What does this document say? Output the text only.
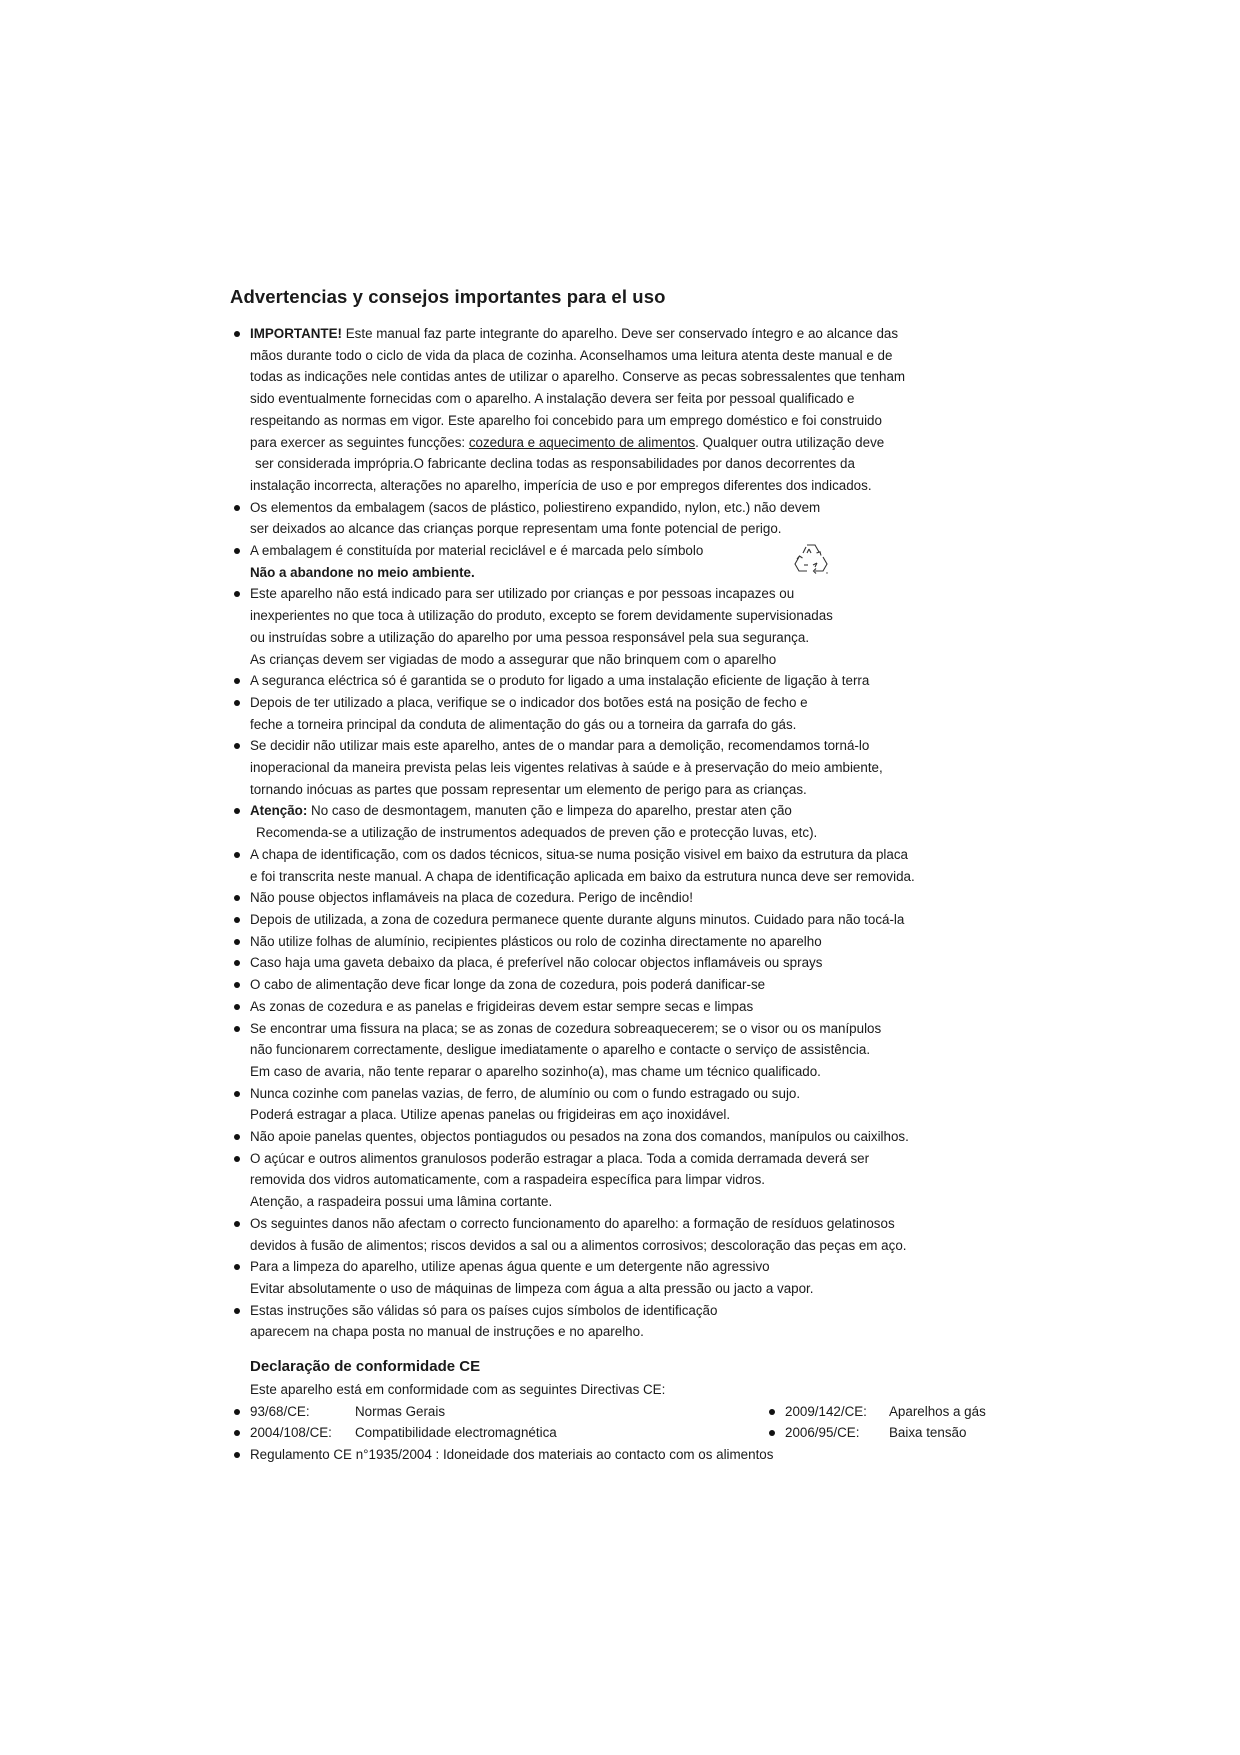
Advertencias y consejos importantes para el uso
IMPORTANTE! Este manual faz parte integrante do aparelho. Deve ser conservado íntegro e ao alcance das
mãos durante todo o ciclo de vida da placa de cozinha. Aconselhamos uma leitura atenta deste manual e de
todas as indicações nele contidas antes de utilizar o aparelho. Conserve as pecas sobressalentes que tenham
sido eventualmente fornecidas com o aparelho. A instalação devera ser feita por pessoal qualificado e
respeitando as normas em vigor. Este aparelho foi concebido para um emprego doméstico e foi construido
para exercer as seguintes funcções: cozedura e aquecimento de alimentos. Qualquer outra utilização deve
ser considerada imprópria.O fabricante declina todas as responsabilidades por danos decorrentes da
instalação incorrecta, alterações no aparelho, imperícia de uso e por empregos diferentes dos indicados.
Os elementos da embalagem (sacos de plástico, poliestireno expandido, nylon, etc.) não devem
ser deixados ao alcance das crianças porque representam uma fonte potencial de perigo.
A embalagem é constituída por material reciclável e é marcada pelo símbolo
Não a abandone no meio ambiente.
Este aparelho não está indicado para ser utilizado por crianças e por pessoas incapazes ou
inexperientes no que toca à utilização do produto, excepto se forem devidamente supervisionadas
ou instruídas sobre a utilização do aparelho por uma pessoa responsável pela sua segurança.
As crianças devem ser vigiadas de modo a assegurar que não brinquem com o aparelho
A seguranca eléctrica só é garantida se o produto for ligado a uma instalação eficiente de ligação à terra
Depois de ter utilizado a placa, verifique se o indicador dos botões está na posição de fecho e
feche a torneira principal da conduta de alimentação do gás ou a torneira da garrafa do gás.
Se decidir não utilizar mais este aparelho, antes de o mandar para a demolição, recomendamos torná-lo
inoperacional da maneira prevista pelas leis vigentes relativas à saúde e à preservação do meio ambiente,
tornando inócuas as partes que possam representar um elemento de perigo para as crianças.
Atenção: No caso de desmontagem, manuten ção e limpeza do aparelho, prestar aten ção
Recomenda-se a utilizaç̧ão de instrumentos adequados de preven ção e protecção luvas, etc).
A chapa de identificação, com os dados técnicos, situa-se numa posição visivel em baixo da estrutura da placa
e foi transcrita neste manual. A chapa de identificação aplicada em baixo da estrutura nunca deve ser removida.
Não pouse objectos inflamáveis na placa de cozedura. Perigo de incêndio!
Depois de utilizada, a zona de cozedura permanece quente durante alguns minutos. Cuidado para não tocá-la
Não utilize folhas de alumínio, recipientes plásticos ou rolo de cozinha directamente no aparelho
Caso haja uma gaveta debaixo da placa, é preferível não colocar objectos inflamáveis ou sprays
O cabo de alimentação deve ficar longe da zona de cozedura, pois poderá danificar-se
As zonas de cozedura e as panelas e frigideiras devem estar sempre secas e limpas
Se encontrar uma fissura na placa; se as zonas de cozedura sobreaquecerem; se o visor ou os manípulos
não funcionarem correctamente, desligue imediatamente o aparelho e contacte o serviço de assistência.
Em caso de avaria, não tente reparar o aparelho sozinho(a), mas chame um técnico qualificado.
Nunca cozinhe com panelas vazias, de ferro, de alumínio ou com o fundo estragado ou sujo.
Poderá estragar a placa. Utilize apenas panelas ou frigideiras em aço inoxidável.
Não apoie panelas quentes, objectos pontiagudos ou pesados na zona dos comandos, manípulos ou caixilhos.
O açúcar e outros alimentos granulosos poderão estragar a placa. Toda a comida derramada deverá ser
removida dos vidros automaticamente, com a raspadeira específica para limpar vidros.
Atenção, a raspadeira possui uma lâmina cortante.
Os seguintes danos não afectam o correcto funcionamento do aparelho: a formação de resíduos gelatinosos
devidos à fusão de alimentos; riscos devidos a sal ou a alimentos corrosivos; descoloração das peças em aço.
Para a limpeza do aparelho, utilize apenas água quente e um detergente não agressivo
Evitar absolutamente o uso de máquinas de limpeza com água a alta pressão ou jacto a vapor.
Estas instruções são válidas só para os países cujos símbolos de identificação
aparecem na chapa posta no manual de instruções e no aparelho.
Declaração de conformidade CE
Este aparelho está em conformidade com as seguintes Directivas CE:
93/68/CE:	Normas Gerais	2009/142/CE: Aparelhos a gás
2004/108/CE: Compatibilidade electromagnética	2006/95/CE: Baixa tensão
Regulamento CE n°1935/2004 : Idoneidade dos materiais ao contacto com os alimentos
